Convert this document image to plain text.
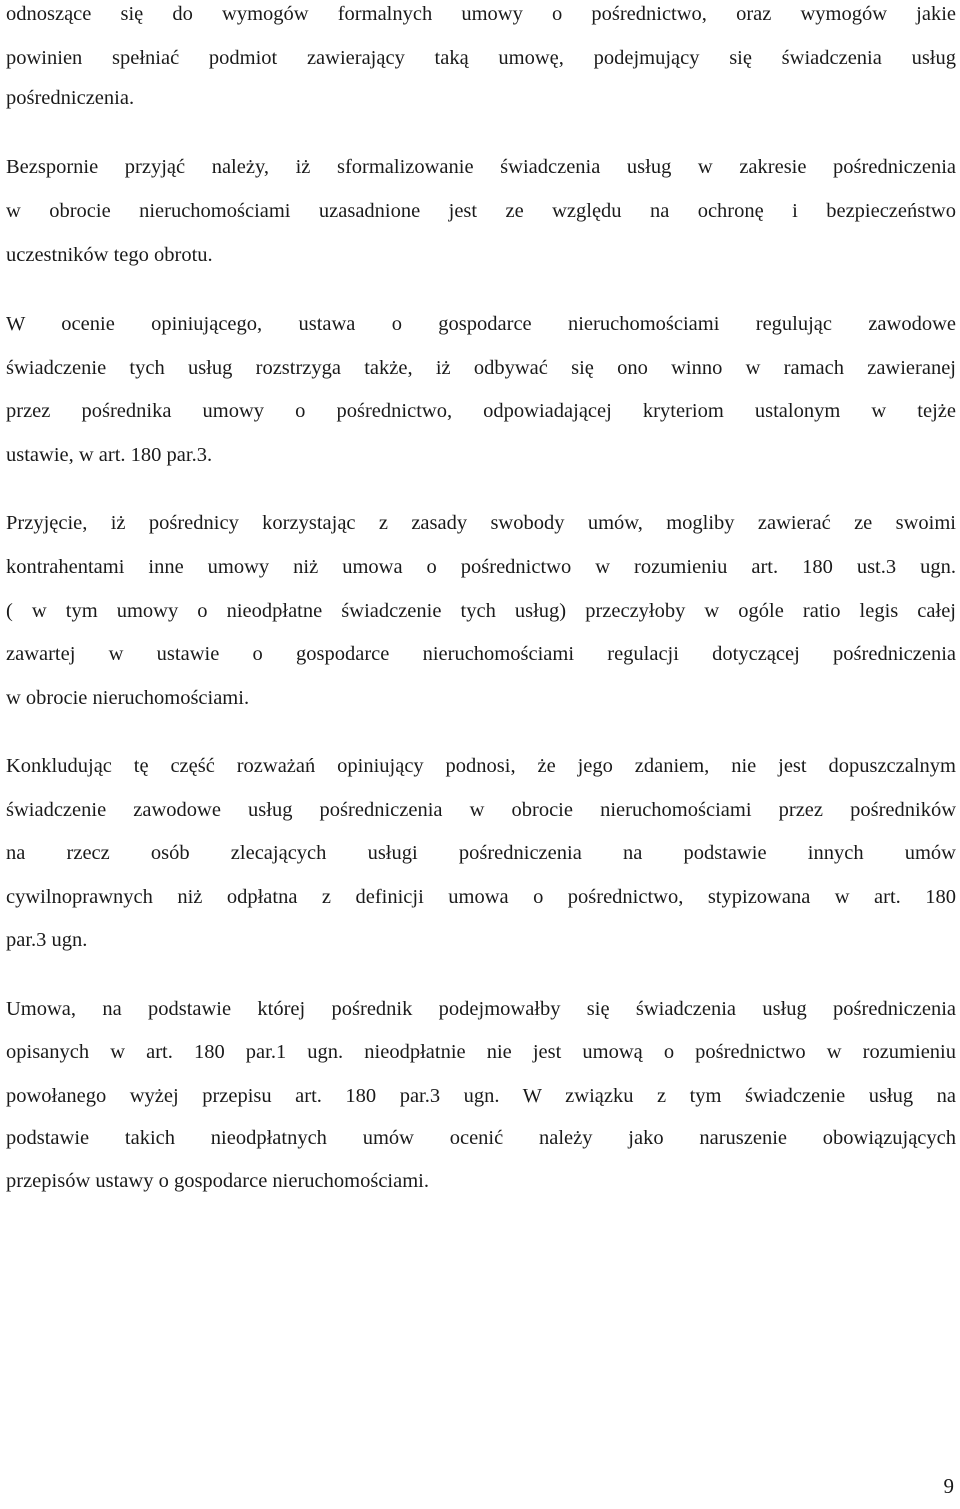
odnoszące się do wymogów formalnych umowy o pośrednictwo, oraz wymogów jakie
powinien spełniać podmiot zawierający taką umowę, podejmujący się świadczenia usług
pośredniczenia.
Bezspornie przyjąć należy, iż sformalizowanie świadczenia usług w zakresie pośredniczenia
w obrocie nieruchomościami uzasadnione jest ze względu na ochronę i bezpieczeństwo
uczestników tego obrotu.
W ocenie opiniującego, ustawa o gospodarce nieruchomościami regulując zawodowe
świadczenie tych usług rozstrzyga także, iż odbywać się ono winno w ramach zawieranej
przez pośrednika umowy o pośrednictwo, odpowiadającej kryteriom ustalonym w tejże
ustawie, w art. 180 par.3.
Przyjęcie, iż pośrednicy korzystając z zasady swobody umów, mogliby zawierać ze swoimi
kontrahentami inne umowy niż umowa o pośrednictwo w rozumieniu art. 180 ust.3 ugn.
( w tym umowy o nieodpłatne świadczenie tych usług) przeczyłoby w ogóle ratio legis całej
zawartej w ustawie o gospodarce nieruchomościami regulacji dotyczącej pośredniczenia
w obrocie nieruchomościami.
Konkludując tę część rozważań opiniujący podnosi, że jego zdaniem, nie jest dopuszczalnym
świadczenie zawodowe usług pośredniczenia w obrocie nieruchomościami przez pośredników
na rzecz osób zlecających usługi pośredniczenia na podstawie innych umów
cywilnoprawnych niż odpłatna z definicji umowa o pośrednictwo, stypizowana w art. 180
par.3 ugn.
Umowa, na podstawie której pośrednik podejmowałby się świadczenia usług pośredniczenia
opisanych w art. 180 par.1 ugn. nieodpłatnie nie jest umową o pośrednictwo w rozumieniu
powołanego wyżej przepisu art. 180 par.3 ugn. W związku z tym świadczenie usług na
podstawie takich nieodpłatnych umów ocenić należy jako naruszenie obowiązujących
przepisów ustawy o gospodarce nieruchomościami.
9
